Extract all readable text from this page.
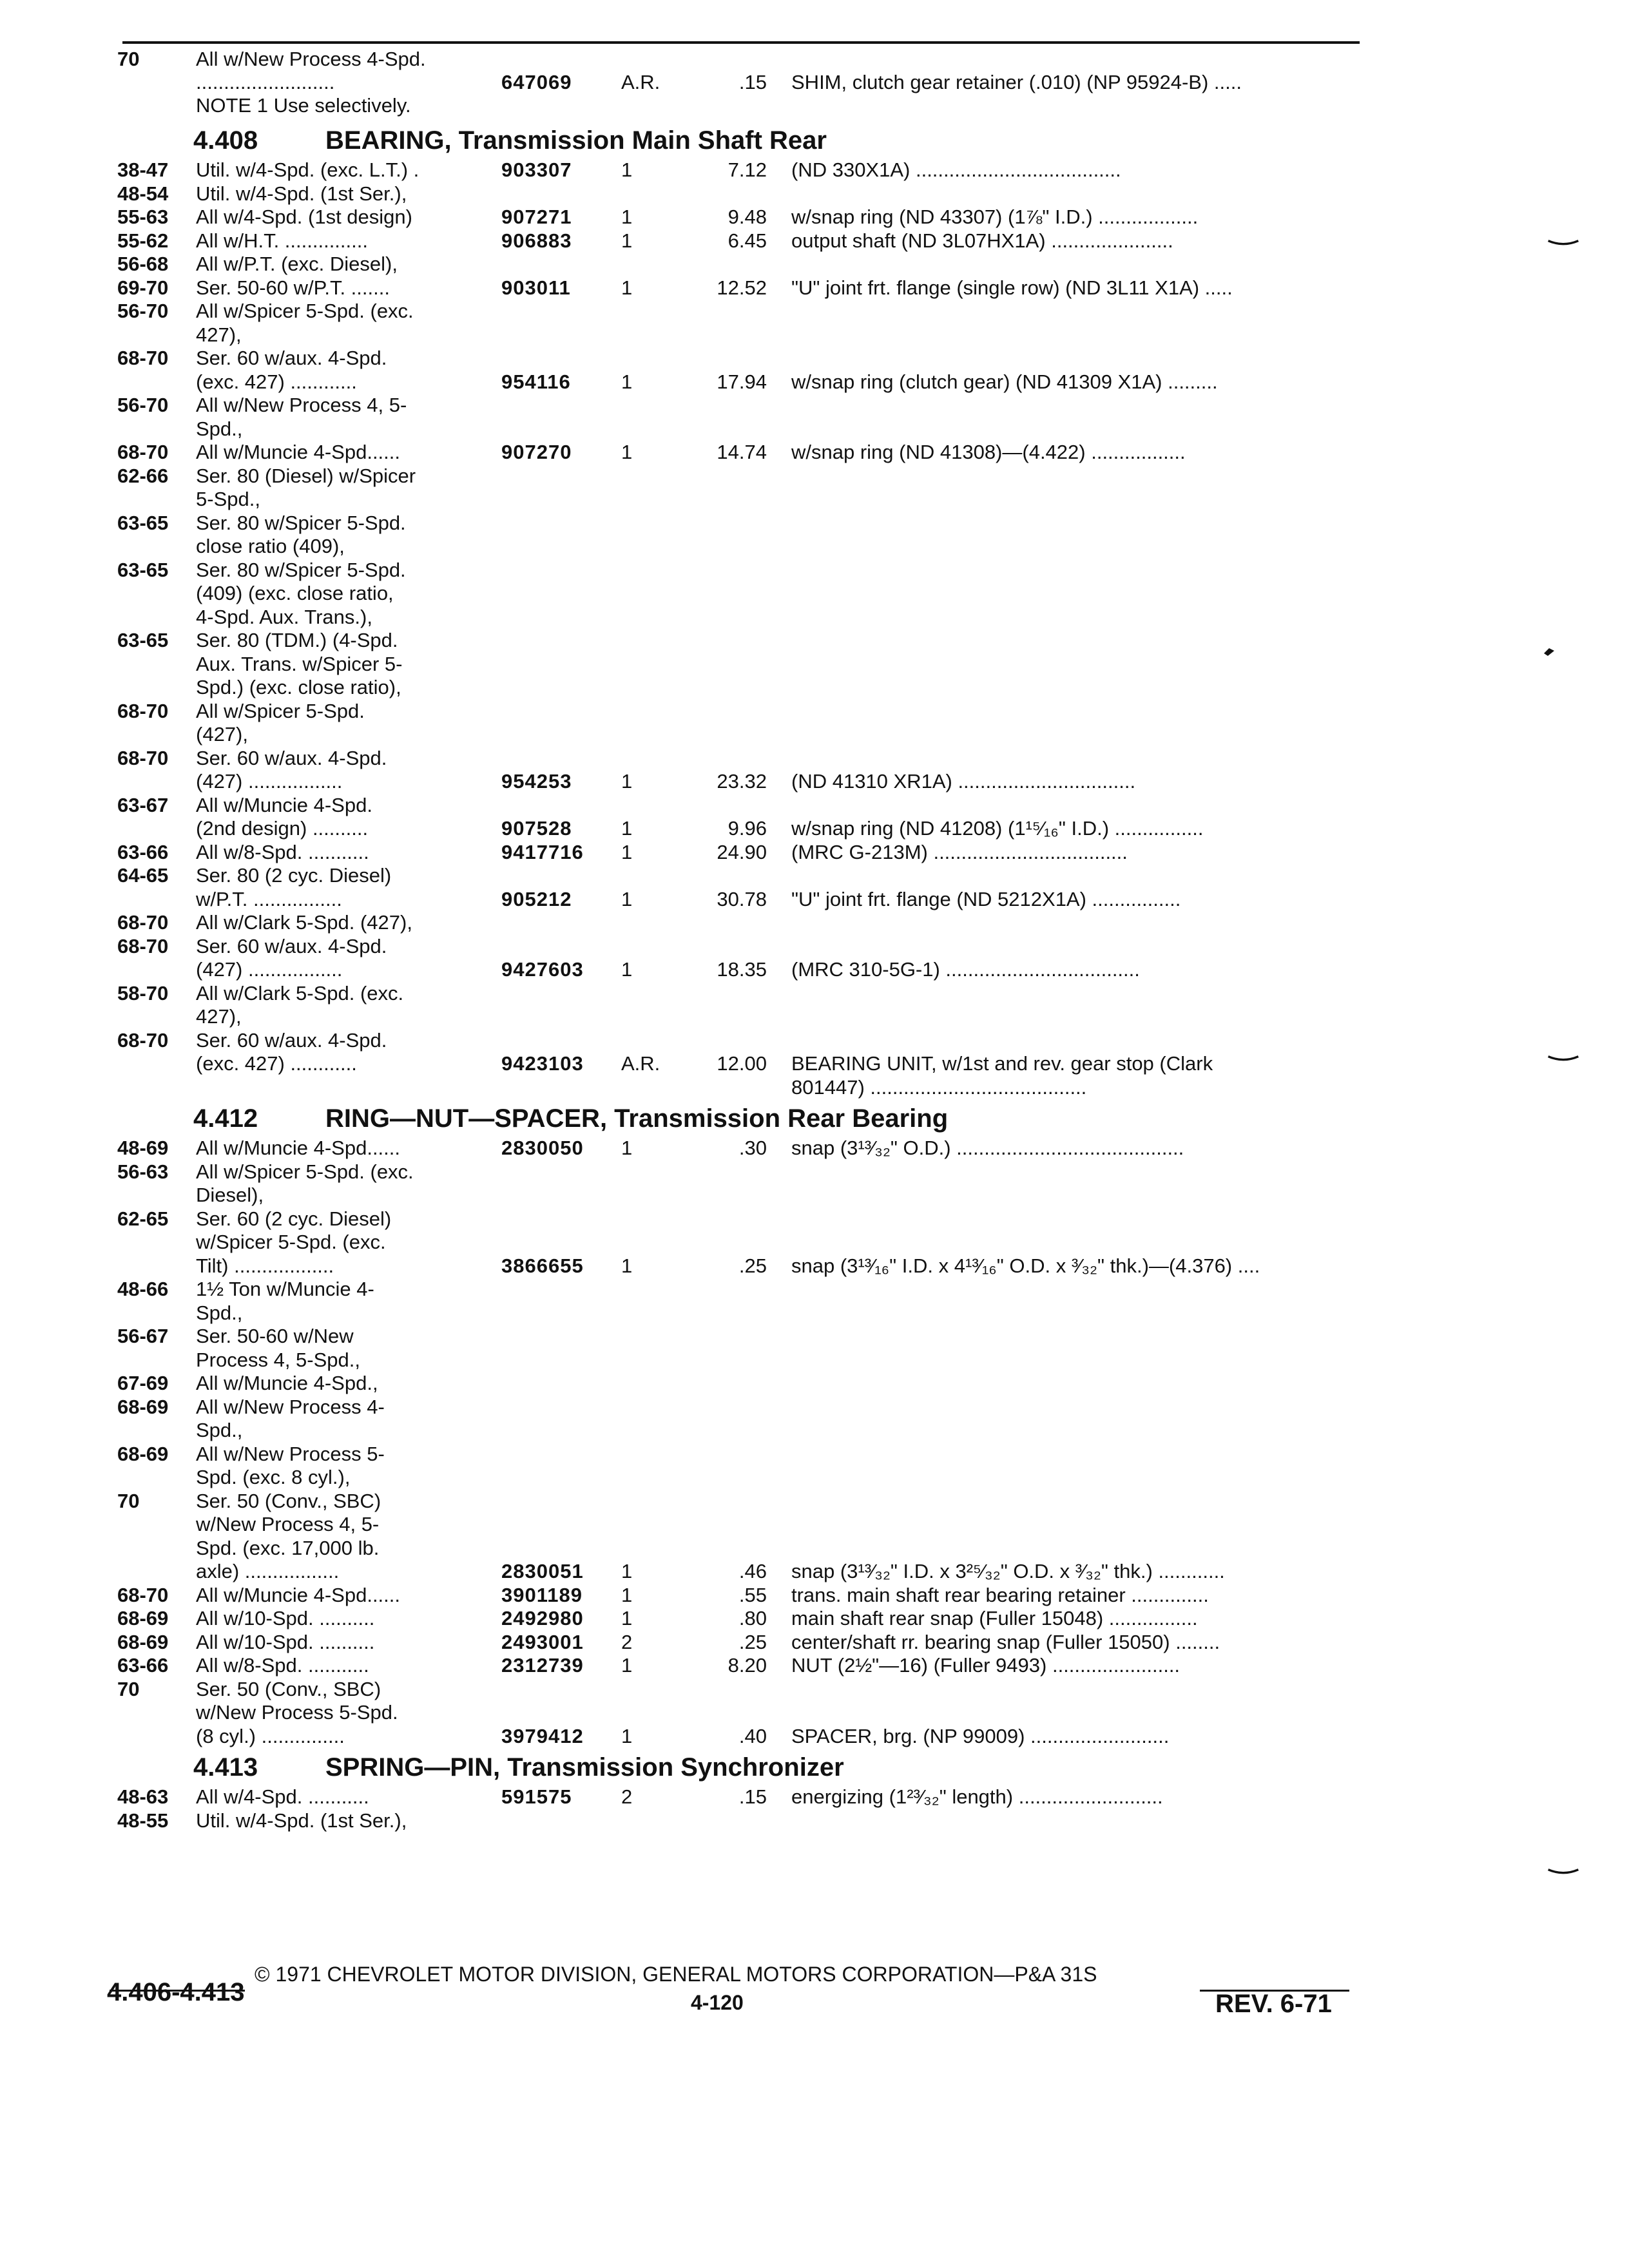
70	All w/New Process 4-Spd.
.........................	647069 A.R.	.15 SHIM, clutch gear retainer (.010) (NP 95924-B) .....
NOTE 1 Use selectively.
4.408	BEARING, Transmission Main Shaft Rear
38-47 Util. w/4-Spd. (exc. L.T.) .	903307 1	7.12 (ND 330X1A) .....................................
48-54 Util. w/4-Spd. (1st Ser.),
55-63 All w/4-Spd. (1st design)	907271 1	9.48 w/snap ring (ND 43307) (1⅞" I.D.) ..................
55-62 All w/H.T. ...............	906883 1	6.45 output shaft (ND 3L07HX1A) ......................
56-68 All w/P.T. (exc. Diesel),
69-70 Ser. 50-60 w/P.T. .......	903011	1	12.52 "U" joint frt. flange (single row) (ND 3L11 X1A) .....
56-70 All w/Spicer 5-Spd. (exc.
427),
68-70 Ser. 60 w/aux. 4-Spd.
(exc. 427) ............	954116	1	17.94 w/snap ring (clutch gear) (ND 41309 X1A) .........
56-70 All w/New Process 4, 5-
Spd.,
68-70 All w/Muncie 4-Spd......	907270 1	14.74 w/snap ring (ND 41308)—(4.422) .................
62-66 Ser. 80 (Diesel) w/Spicer
5-Spd.,
63-65 Ser. 80 w/Spicer 5-Spd.
close ratio (409),
63-65 Ser. 80 w/Spicer 5-Spd.
(409) (exc. close ratio,
4-Spd. Aux. Trans.),
63-65 Ser. 80 (TDM.) (4-Spd.
Aux. Trans. w/Spicer 5-
Spd.) (exc. close ratio),
68-70 All w/Spicer 5-Spd.
(427),
68-70 Ser. 60 w/aux. 4-Spd.
(427) .................	954253 1	23.32 (ND 41310 XR1A) ................................
63-67 All w/Muncie 4-Spd.
(2nd design) ..........	907528 1	9.96 w/snap ring (ND 41208) (1¹⁵⁄₁₆" I.D.) ................
63-66 All w/8-Spd. ...........	9417716 1	24.90 (MRC G-213M) ...................................
64-65 Ser. 80 (2 cyc. Diesel)
w/P.T. ................	905212 1	30.78 "U" joint frt. flange (ND 5212X1A) ................
68-70 All w/Clark 5-Spd. (427),
68-70 Ser. 60 w/aux. 4-Spd.
(427) .................	9427603 1	18.35 (MRC 310-5G-1) ...................................
58-70 All w/Clark 5-Spd. (exc.
427),
68-70 Ser. 60 w/aux. 4-Spd.
(exc. 427) ............	9423103 A.R.	12.00 BEARING UNIT, w/1st and rev. gear stop (Clark
801447) .......................................
4.412	RING—NUT—SPACER, Transmission Rear Bearing
48-69 All w/Muncie 4-Spd......	2830050 1	.30 snap (3¹³⁄₃₂" O.D.) .........................................
56-63 All w/Spicer 5-Spd. (exc.
Diesel),
62-65 Ser. 60 (2 cyc. Diesel)
w/Spicer 5-Spd. (exc.
Tilt) ..................	3866655 1	.25 snap (3¹³⁄₁₆" I.D. x 4¹³⁄₁₆" O.D. x ³⁄₃₂" thk.)—(4.376) ....
48-66 1½ Ton w/Muncie 4-
Spd.,
56-67 Ser. 50-60 w/New
Process 4, 5-Spd.,
67-69 All w/Muncie 4-Spd.,
68-69 All w/New Process 4-
Spd.,
68-69 All w/New Process 5-
Spd. (exc. 8 cyl.),
70	Ser. 50 (Conv., SBC)
w/New Process 4, 5-
Spd. (exc. 17,000 lb.
axle) .................	2830051 1	.46 snap (3¹³⁄₃₂" I.D. x 3²⁵⁄₃₂" O.D. x ³⁄₃₂" thk.) ............
68-70 All w/Muncie 4-Spd......	3901189 1	.55 trans. main shaft rear bearing retainer ..............
68-69 All w/10-Spd. ..........	2492980 1	.80 main shaft rear snap (Fuller 15048) ................
68-69 All w/10-Spd. ..........	2493001 2	.25 center/shaft rr. bearing snap (Fuller 15050) ........
63-66 All w/8-Spd. ...........	2312739 1	8.20 NUT (2½"—16) (Fuller 9493) .......................
70	Ser. 50 (Conv., SBC)
w/New Process 5-Spd.
(8 cyl.) ...............	3979412 1	.40 SPACER, brg. (NP 99009) .........................
4.413	SPRING—PIN, Transmission Synchronizer
48-63 All w/4-Spd. ...........	591575 2	.15 energizing (1²³⁄₃₂" length) ..........................
48-55 Util. w/4-Spd. (1st Ser.),
© 1971 CHEVROLET MOTOR DIVISION, GENERAL MOTORS CORPORATION—P&A 31S
4.406-4.413	4-120	REV. 6-71
